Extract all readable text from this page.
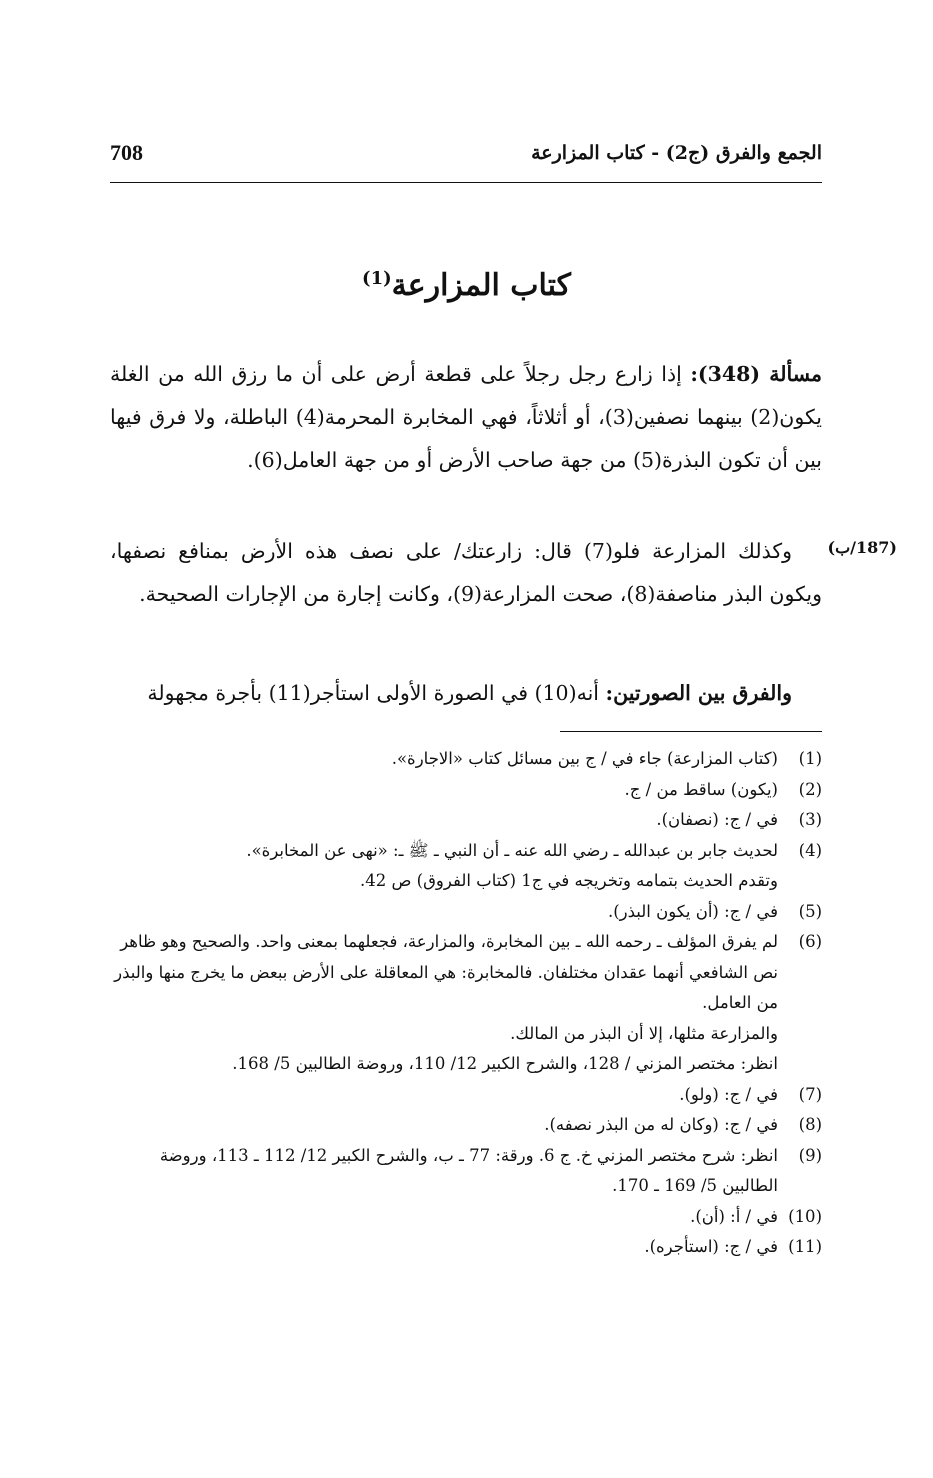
708	الجمع والفرق (ج2) - كتاب المزارعة
كتاب المزارعة$^{(1)}$
مسألة (348): إذا زارع رجل رجلاً على قطعة أرض على أن ما رزق الله من الغلة يكون(2) بينهما نصفين(3)، أو أثلاثاً، فهي المخابرة المحرمة(4) الباطلة، ولا فرق فيها بين أن تكون البذرة(5) من جهة صاحب الأرض أو من جهة العامل(6).
(187/ب)
وكذلك المزارعة فلو(7) قال: زارعتك/ على نصف هذه الأرض بمنافع نصفها، ويكون البذر مناصفة(8)، صحت المزارعة(9)، وكانت إجارة من الإجارات الصحيحة.
والفرق بين الصورتين: أنه(10) في الصورة الأولى استأجر(11) بأجرة مجهولة
(1)
(كتاب المزارعة) جاء في / ج بين مسائل كتاب «الاجارة».
(2)
(يكون) ساقط من / ج.
(3)
في / ج: (نصفان).
(4)
لحديث جابر بن عبدالله ـ رضي الله عنه ـ أن النبي ـ ﷺ ـ: «نهى عن المخابرة».
وتقدم الحديث بتمامه وتخريجه في ج1 (كتاب الفروق) ص 42.
(5)
في / ج: (أن يكون البذر).
(6)
لم يفرق المؤلف ـ رحمه الله ـ بين المخابرة، والمزارعة، فجعلهما بمعنى واحد. والصحيح وهو ظاهر نص الشافعي أنهما عقدان مختلفان. فالمخابرة: هي المعاقلة على الأرض ببعض ما يخرج منها والبذر من العامل.
والمزارعة مثلها، إلا أن البذر من المالك.
انظر: مختصر المزني / 128، والشرح الكبير 12/ 110، وروضة الطالبين 5/ 168.
(7)
في / ج: (ولو).
(8)
في / ج: (وكان له من البذر نصفه).
(9)
انظر: شرح مختصر المزني خ. ج 6. ورقة: 77 ـ ب، والشرح الكبير 12/ 112 ـ 113، وروضة الطالبين 5/ 169 ـ 170.
(10)
في / أ: (أن).
(11)
في / ج: (استأجره).
